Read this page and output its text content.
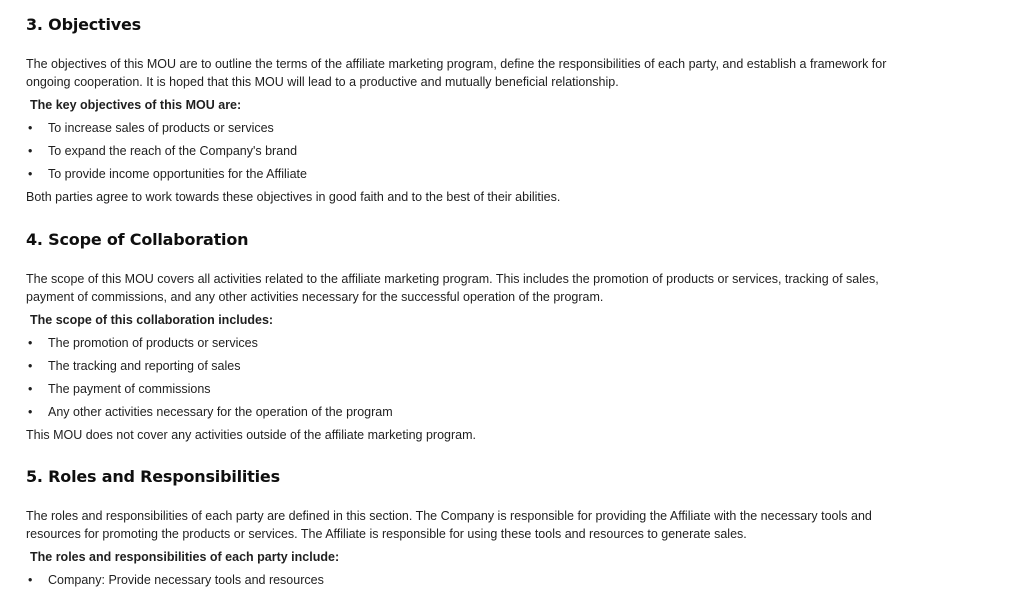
3. Objectives

The objectives of this MOU are to outline the terms of the affiliate marketing program, define the responsibilities of each party, and establish a framework for ongoing cooperation. It is hoped that this MOU will lead to a productive and mutually beneficial relationship.

The key objectives of this MOU are:
• To increase sales of products or services
• To expand the reach of the Company's brand
• To provide income opportunities for the Affiliate

Both parties agree to work towards these objectives in good faith and to the best of their abilities.

4. Scope of Collaboration

The scope of this MOU covers all activities related to the affiliate marketing program. This includes the promotion of products or services, tracking of sales, payment of commissions, and any other activities necessary for the successful operation of the program.

The scope of this collaboration includes:
• The promotion of products or services
• The tracking and reporting of sales
• The payment of commissions
• Any other activities necessary for the operation of the program

This MOU does not cover any activities outside of the affiliate marketing program.

5. Roles and Responsibilities

The roles and responsibilities of each party are defined in this section. The Company is responsible for providing the Affiliate with the necessary tools and resources for promoting the products or services. The Affiliate is responsible for using these tools and resources to generate sales.

The roles and responsibilities of each party include:
• Company: Provide necessary tools and resources
